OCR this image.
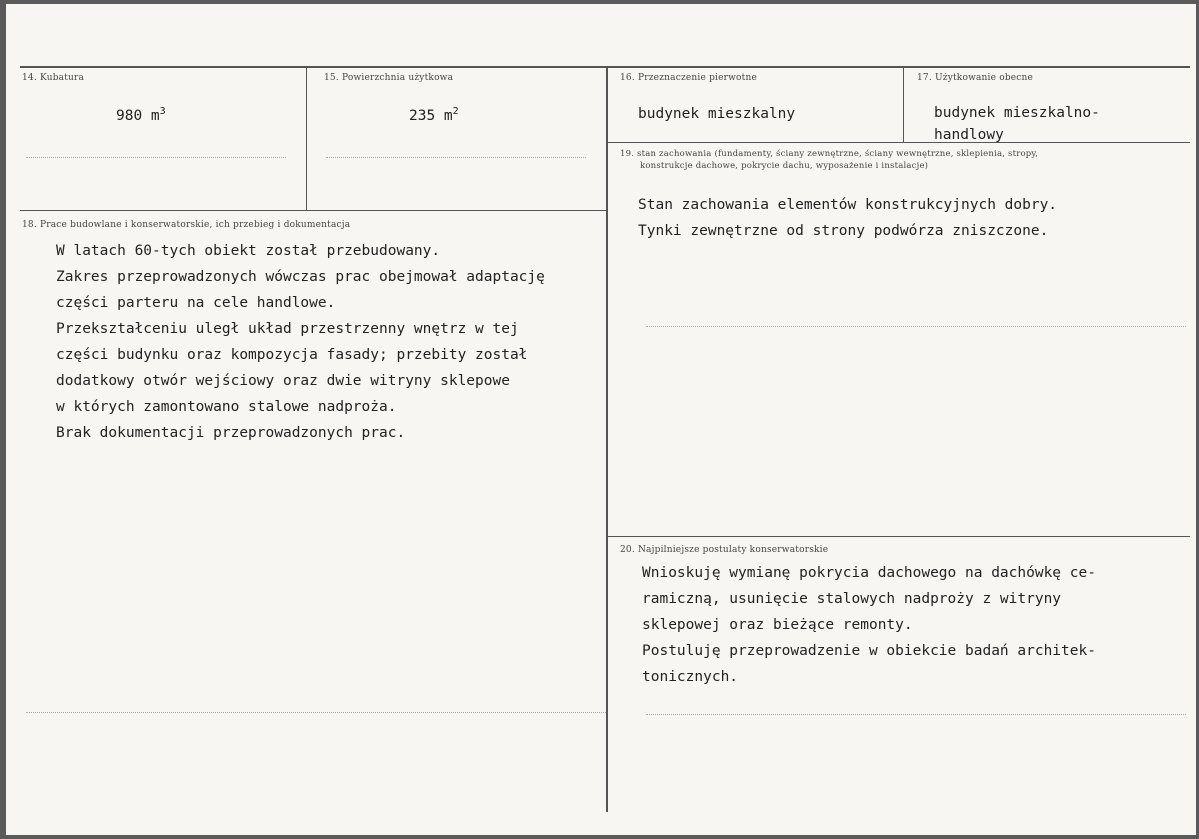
14. Kubatura
980 $m^3$
15. Powierzchnia użytkowa
235 $m^2$
16. Przeznaczenie pierwotne
budynek mieszkalny
17. Użytkowanie obecne
budynek mieszkalno-
handlowy
18. Prace budowlane i konserwatorskie, ich przebieg i dokumentacja
W latach 60-tych obiekt został przebudowany.
Zakres przeprowadzonych wówczas prac obejmował adaptację
części parteru na cele handlowe.
Przekształceniu uległ układ przestrzenny wnętrz w tej
części budynku oraz kompozycja fasady; przebity został
dodatkowy otwór wejściowy oraz dwie witryny sklepowe
w których zamontowano stalowe nadproża.
Brak dokumentacji przeprowadzonych prac.
19. stan zachowania (fundamenty, ściany zewnętrzne, ściany wewnętrzne, sklepienia, stropy,
konstrukcje dachowe, pokrycie dachu, wyposażenie i instalacje)
Stan zachowania elementów konstrukcyjnych dobry.
Tynki zewnętrzne od strony podwórza zniszczone.
20. Najpilniejsze postulaty konserwatorskie
Wnioskuję wymianę pokrycia dachowego na dachówkę ce-
ramiczną, usunięcie stalowych nadproży z witryny
sklepowej oraz bieżące remonty.
Postuluję przeprowadzenie w obiekcie badań architek-
tonicznych.
